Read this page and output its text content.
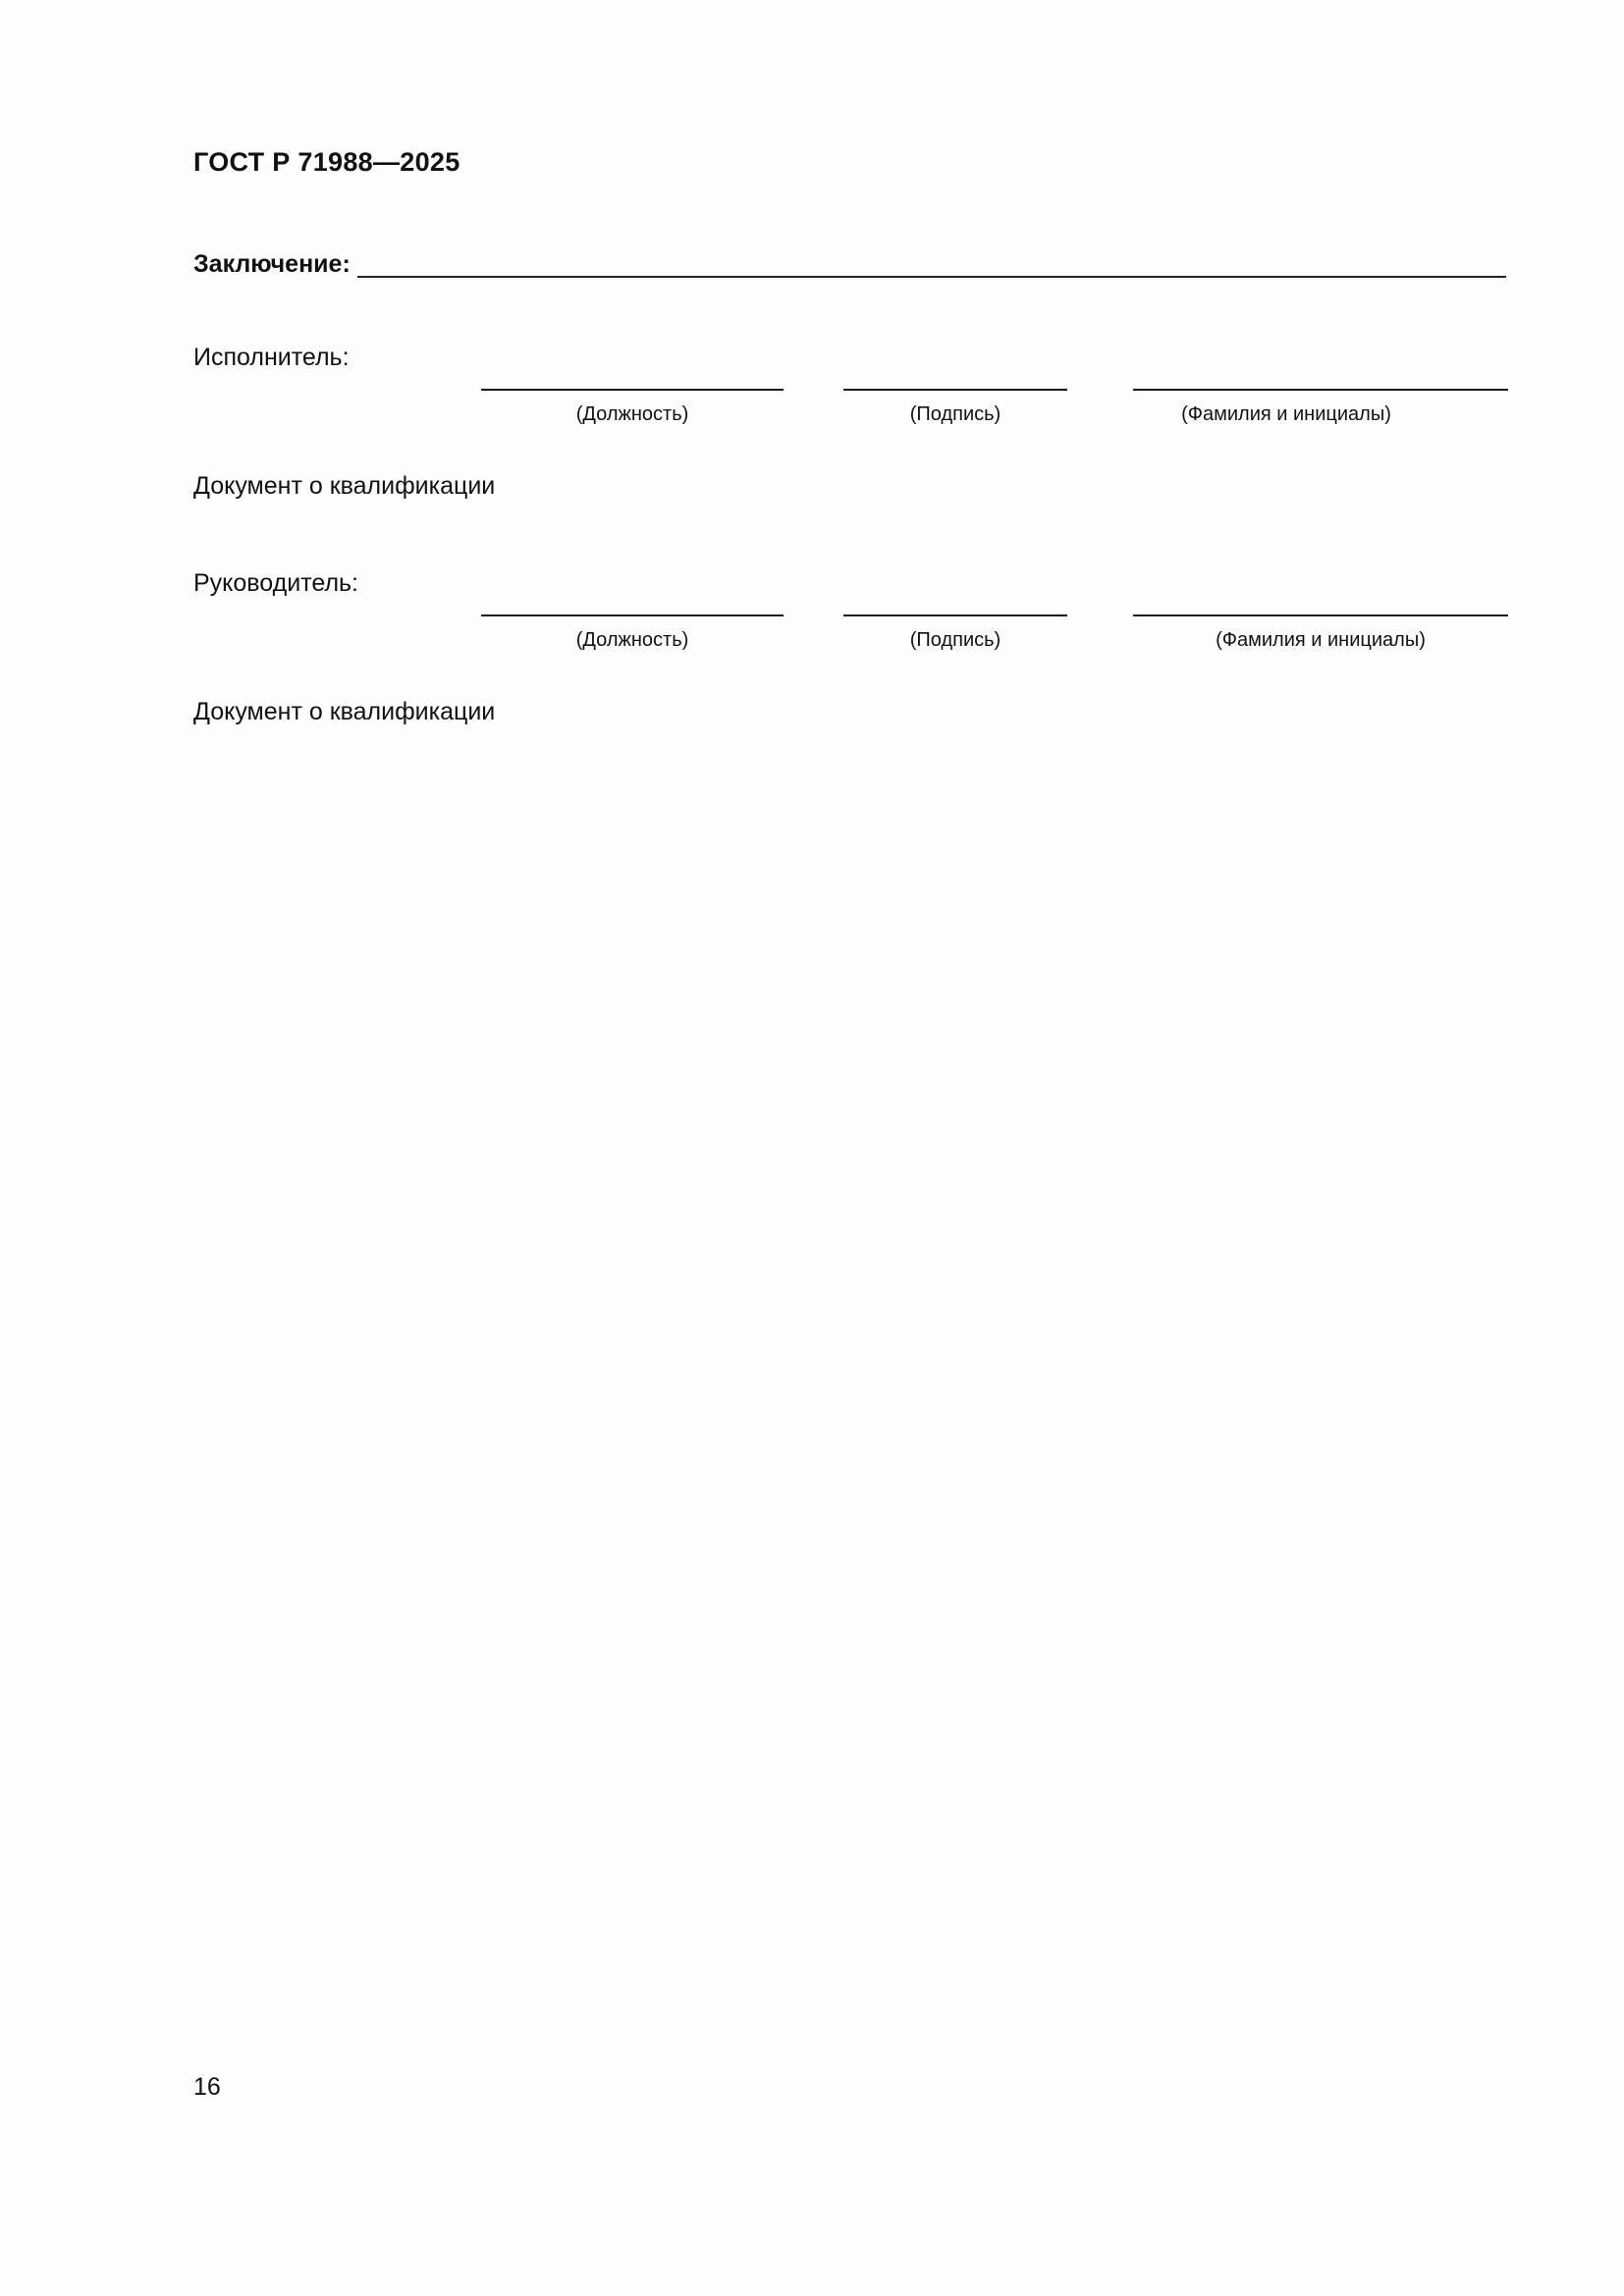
ГОСТ Р 71988—2025
Заключение:
Исполнитель:
(Должность)	(Подпись)	(Фамилия и инициалы)
Документ о квалификации
Руководитель:
(Должность)	(Подпись)	(Фамилия и инициалы)
Документ о квалификации
16
